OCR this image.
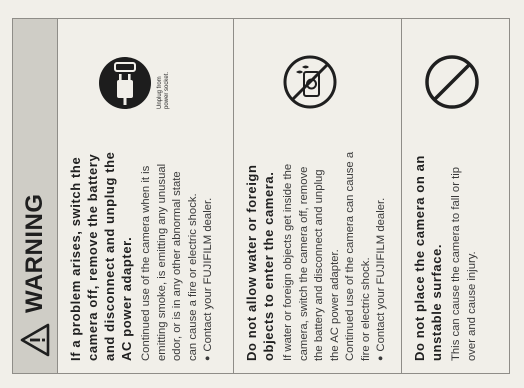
WARNING If a problem arises, switch the camera off, remove the battery and disconnect and unplug the AC power adapter. Continued use of the camera when it is emitting smoke, is emitting any unusual odor, or is in any other abnormal state can cause a fire or electric shock. ● Contact your FUJIFILM dealer.

Unplug from power socket.

Do not allow water or foreign objects to enter the camera. If water or foreign objects get inside the camera, switch the camera off, remove the battery and disconnect and unplug the AC power adapter. Continued use of the camera can cause a fire or electric shock. ● Contact your FUJIFILM dealer. Do not place the camera on an unstable surface. This can cause the camera to fall or tip over and cause injury.
